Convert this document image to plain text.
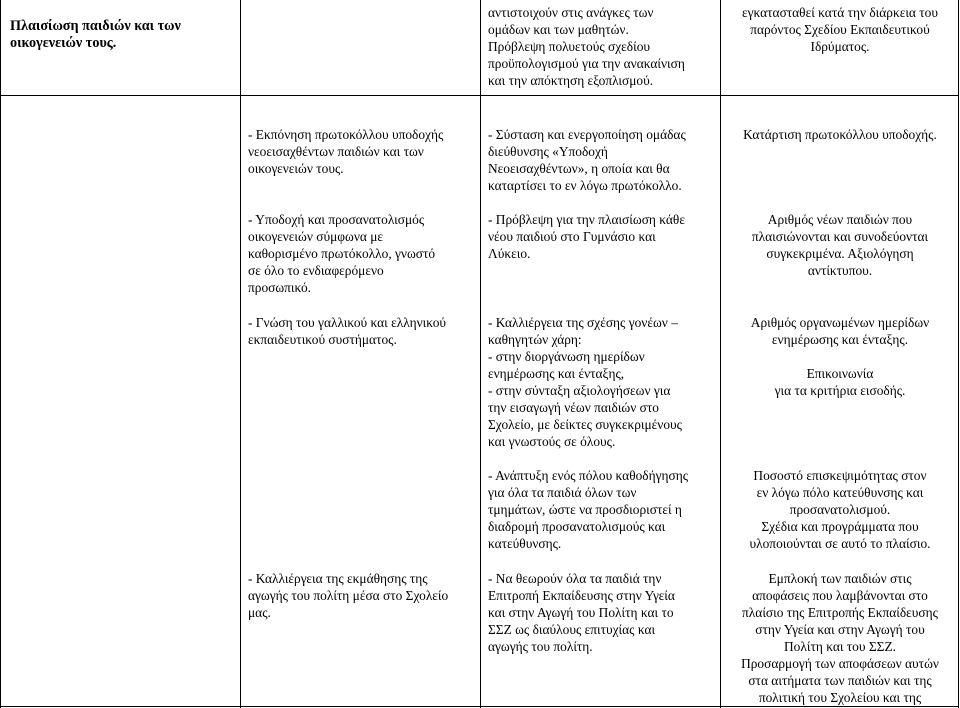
Πλαισίωση παιδιών και των
οικογενειών τους.

- Εκπόνηση πρωτοκόλλου υποδοχής
νεοεισαχθέντων παιδιών και των
οικογενειών τους.

- Υποδοχή και προσανατολισμός
οικογενειών σύμφωνα με
καθορισμένο πρωτόκολλο, γνωστό
σε όλο το ενδιαφερόμενο
προσωπικό.

- Γνώση του γαλλικού και ελληνικού
εκπαιδευτικού συστήματος.

- Καλλιέργεια της εκμάθησης της
αγωγής του πολίτη μέσα στο Σχολείο
μας.

αντιστοιχούν στις ανάγκες των
ομάδων και των μαθητών.
Πρόβλεψη πολυετούς σχεδίου
προϋπολογισμού για την ανακαίνιση
και την απόκτηση εξοπλισμού.

- Σύσταση και ενεργοποίηση ομάδας
διεύθυνσης «Υποδοχή
Νεοεισαχθέντων», η οποία και θα
καταρτίσει το εν λόγω πρωτόκολλο.

- Πρόβλεψη για την πλαισίωση κάθε
νέου παιδιού στο Γυμνάσιο και
Λύκειο.

- Καλλιέργεια της σχέσης γονέων –
καθηγητών χάρη:
- στην διοργάνωση ημερίδων
ενημέρωσης και ένταξης,
- στην σύνταξη αξιολογήσεων για
την εισαγωγή νέων παιδιών στο
Σχολείο, με δείκτες συγκεκριμένους
και γνωστούς σε όλους.

- Ανάπτυξη ενός πόλου καθοδήγησης
για όλα τα παιδιά όλων των
τμημάτων, ώστε να προσδιοριστεί η
διαδρομή προσανατολισμούς και
κατεύθυνσης.

- Να θεωρούν όλα τα παιδιά την
Επιτροπή Εκπαίδευσης στην Υγεία
και στην Αγωγή του Πολίτη και το
ΣΣΖ ως διαύλους επιτυχίας και
αγωγής του πολίτη.

εγκατασταθεί κατά την διάρκεια του
παρόντος Σχεδίου Εκπαιδευτικού
Ιδρύματος.

Κατάρτιση πρωτοκόλλου υποδοχής.

Αριθμός νέων παιδιών που
πλαισιώνονται και συνοδεύονται
συγκεκριμένα. Αξιολόγηση
αντίκτυπου.

Αριθμός οργανωμένων ημερίδων
ενημέρωσης και ένταξης.

Επικοινωνία
για τα κριτήρια εισοδής.

Ποσοστό επισκεψιμότητας στον
εν λόγω πόλο κατεύθυνσης και
προσανατολισμού.
Σχέδια και προγράμματα που
υλοποιούνται σε αυτό το πλαίσιο.

Εμπλοκή των παιδιών στις
αποφάσεις που λαμβάνονται στο
πλαίσιο της Επιτροπής Εκπαίδευσης
στην Υγεία και στην Αγωγή του
Πολίτη και του ΣΣΖ.
Προσαρμογή των αποφάσεων αυτών
στα αιτήματα των παιδιών και της
πολιτική του Σχολείου και της
